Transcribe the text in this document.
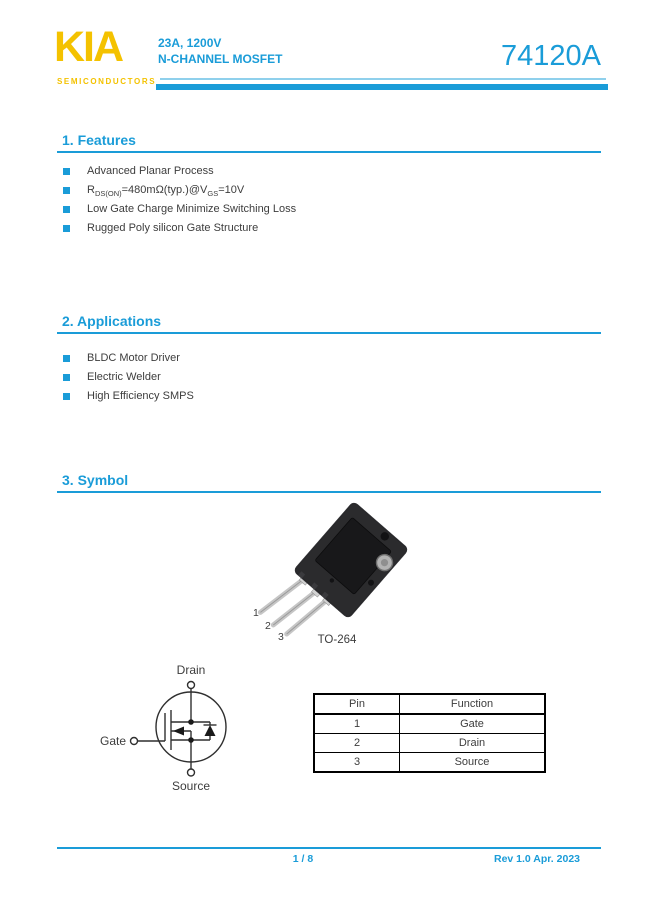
KIA
SEMICONDUCTORS
23A, 1200V
N-CHANNEL MOSFET	74120A
1. Features
Advanced Planar Process
$R_{DS(ON)}=480m\Omega(typ.)@V_{GS}=10V$
Low Gate Charge Minimize Switching Loss
Rugged Poly silicon Gate Structure
2. Applications
BLDC Motor Driver
Electric Welder
High Efficiency SMPS
3. Symbol
1
2
3	TO-264
Drain
Gate
Source
Pin	Function
1	Gate
2	Drain
3	Source
1 / 8	Rev 1.0 Apr. 2023
